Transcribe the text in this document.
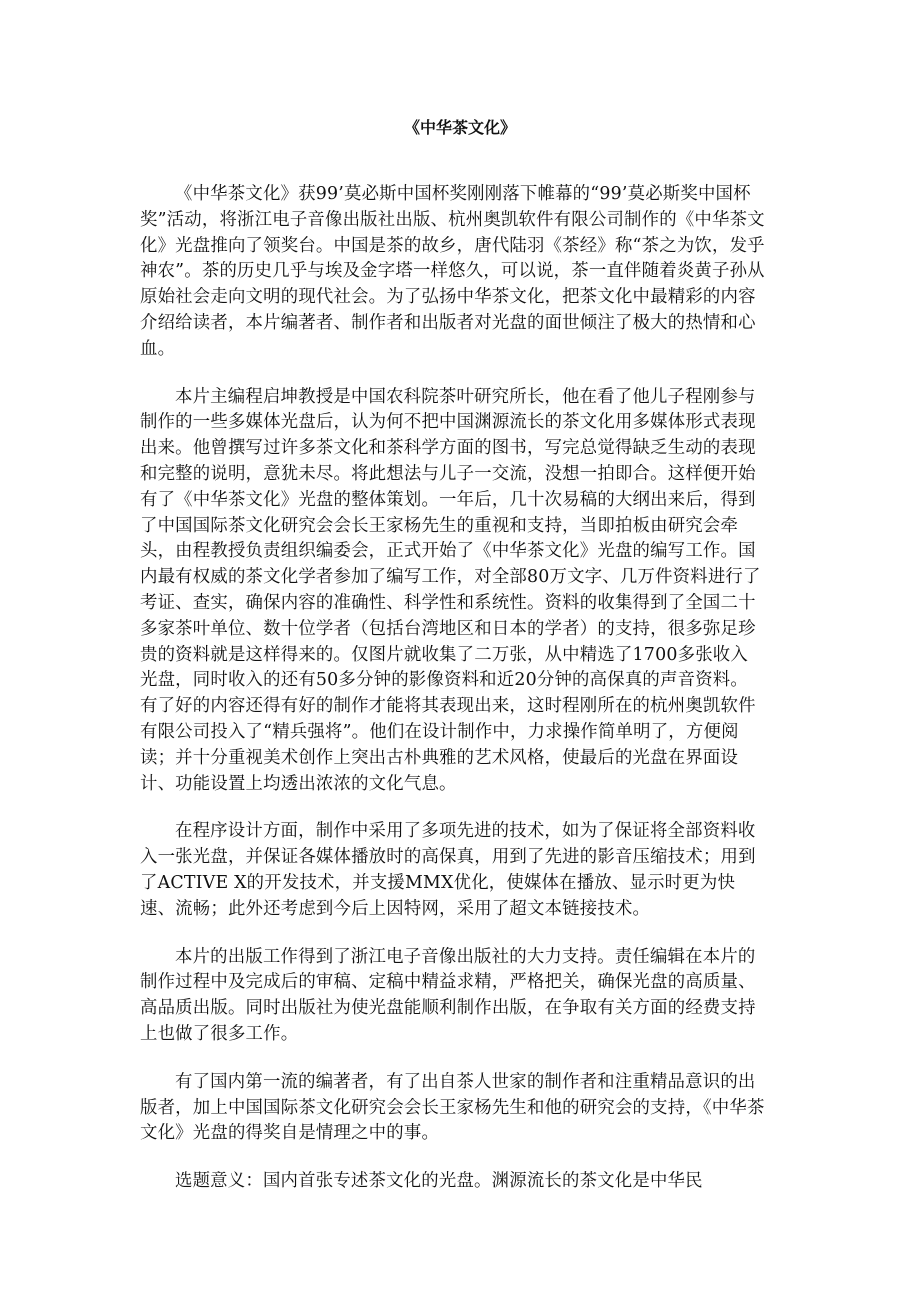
《中华茶文化》

《中华茶文化》获99’莫必斯中国杯奖刚刚落下帷幕的“99’莫必斯奖中国杯奖”活动，将浙江电子音像出版社出版、杭州奥凯软件有限公司制作的《中华茶文化》光盘推向了领奖台。中国是茶的故乡，唐代陆羽《茶经》称“茶之为饮，发乎神农”。茶的历史几乎与埃及金字塔一样悠久，可以说，茶一直伴随着炎黄子孙从原始社会走向文明的现代社会。为了弘扬中华茶文化，把茶文化中最精彩的内容介绍给读者，本片编著者、制作者和出版者对光盘的面世倾注了极大的热情和心血。

本片主编程启坤教授是中国农科院茶叶研究所长，他在看了他儿子程刚参与制作的一些多媒体光盘后，认为何不把中国渊源流长的茶文化用多媒体形式表现出来。他曾撰写过许多茶文化和茶科学方面的图书，写完总觉得缺乏生动的表现和完整的说明，意犹未尽。将此想法与儿子一交流，没想一拍即合。这样便开始有了《中华茶文化》光盘的整体策划。一年后，几十次易稿的大纲出来后，得到了中国国际茶文化研究会会长王家杨先生的重视和支持，当即拍板由研究会牵头，由程教授负责组织编委会，正式开始了《中华茶文化》光盘的编写工作。国内最有权威的茶文化学者参加了编写工作，对全部80万文字、几万件资料进行了考证、查实，确保内容的准确性、科学性和系统性。资料的收集得到了全国二十多家茶叶单位、数十位学者（包括台湾地区和日本的学者）的支持，很多弥足珍贵的资料就是这样得来的。仅图片就收集了二万张，从中精选了1700多张收入光盘，同时收入的还有50多分钟的影像资料和近20分钟的高保真的声音资料。有了好的内容还得有好的制作才能将其表现出来，这时程刚所在的杭州奥凯软件有限公司投入了“精兵强将”。他们在设计制作中，力求操作简单明了，方便阅读；并十分重视美术创作上突出古朴典雅的艺术风格，使最后的光盘在界面设计、功能设置上均透出浓浓的文化气息。

在程序设计方面，制作中采用了多项先进的技术，如为了保证将全部资料收入一张光盘，并保证各媒体播放时的高保真，用到了先进的影音压缩技术；用到了ACTIVE X的开发技术，并支援MMX优化，使媒体在播放、显示时更为快速、流畅；此外还考虑到今后上因特网，采用了超文本链接技术。

本片的出版工作得到了浙江电子音像出版社的大力支持。责任编辑在本片的制作过程中及完成后的审稿、定稿中精益求精，严格把关，确保光盘的高质量、高品质出版。同时出版社为使光盘能顺利制作出版，在争取有关方面的经费支持上也做了很多工作。

有了国内第一流的编著者，有了出自茶人世家的制作者和注重精品意识的出版者，加上中国国际茶文化研究会会长王家杨先生和他的研究会的支持，《中华茶文化》光盘的得奖自是情理之中的事。

选题意义：国内首张专述茶文化的光盘。渊源流长的茶文化是中华民
